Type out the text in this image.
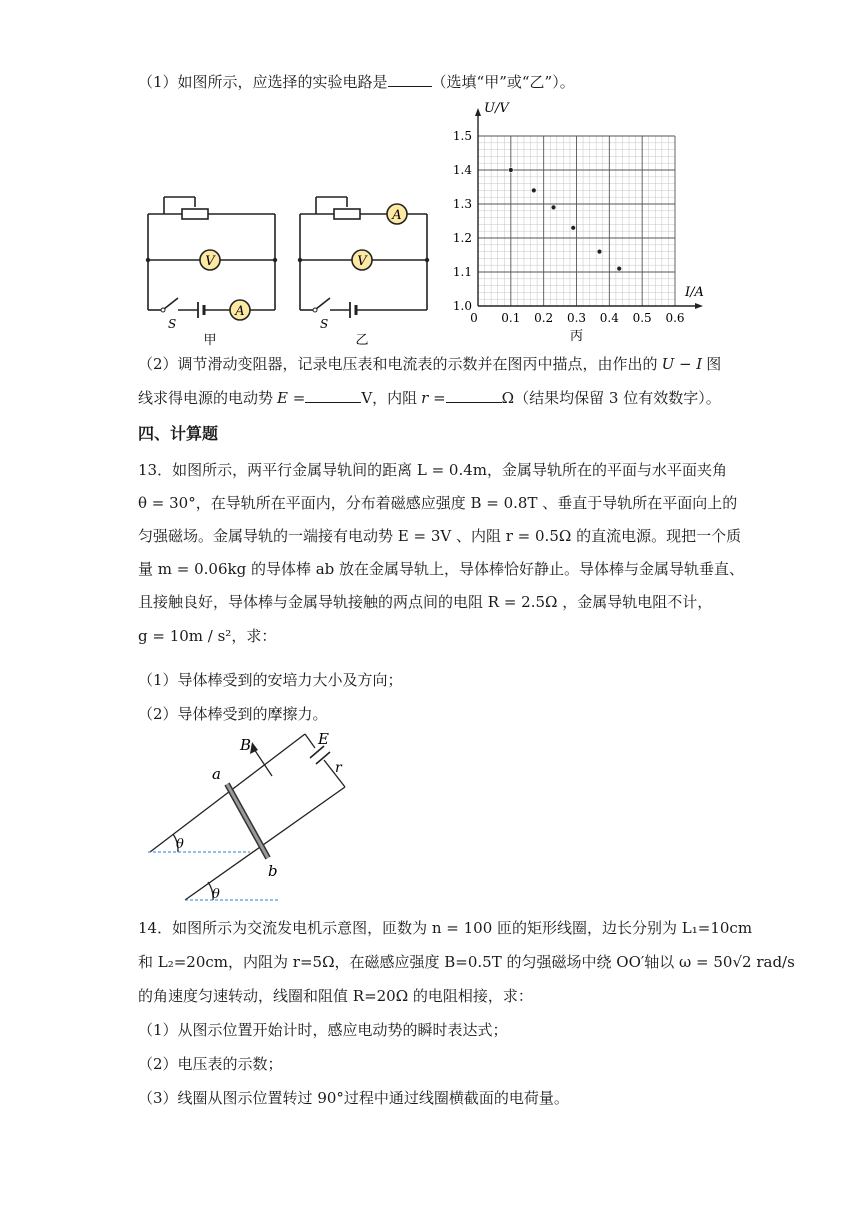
（1）如图所示，应选择的实验电路是	（选填“甲”或“乙”）。
V
A
S
甲
V
A
S
乙
0 0.1 0.2 0.3 0.4 0.5 0.6
1.0
1.1
1.2
1.3
1.4
1.5
I/A
U/V
丙
（2）调节滑动变阻器，记录电压表和电流表的示数并在图丙中描点，由作出的 U − I 图
线求得电源的电动势 E =	V，内阻 r =	Ω（结果均保留 3 位有效数字）。
四、计算题
13．如图所示，两平行金属导轨间的距离 L = 0.4m，金属导轨所在的平面与水平面夹角
θ = 30°，在导轨所在平面内，分布着磁感应强度 B = 0.8T 、垂直于导轨所在平面向上的
匀强磁场。金属导轨的一端接有电动势 E = 3V 、内阻 r = 0.5Ω 的直流电源。现把一个质
量 m = 0.06kg 的导体棒 ab 放在金属导轨上，导体棒恰好静止。导体棒与金属导轨垂直、
且接触良好，导体棒与金属导轨接触的两点间的电阻 R = 2.5Ω ，金属导轨电阻不计，
g = 10m / s²，求：
（1）导体棒受到的安培力大小及方向；
（2）导体棒受到的摩擦力。
B	E
r
a
b
θ
θ
14．如图所示为交流发电机示意图，匝数为 n = 100 匝的矩形线圈，边长分别为 L₁=10cm
和 L₂=20cm，内阻为 r=5Ω，在磁感应强度 B=0.5T 的匀强磁场中绕 OO′轴以 ω = 50√2 rad/s
的角速度匀速转动，线圈和阻值 R=20Ω 的电阻相接，求：
（1）从图示位置开始计时，感应电动势的瞬时表达式；
（2）电压表的示数；
（3）线圈从图示位置转过 90°过程中通过线圈横截面的电荷量。
